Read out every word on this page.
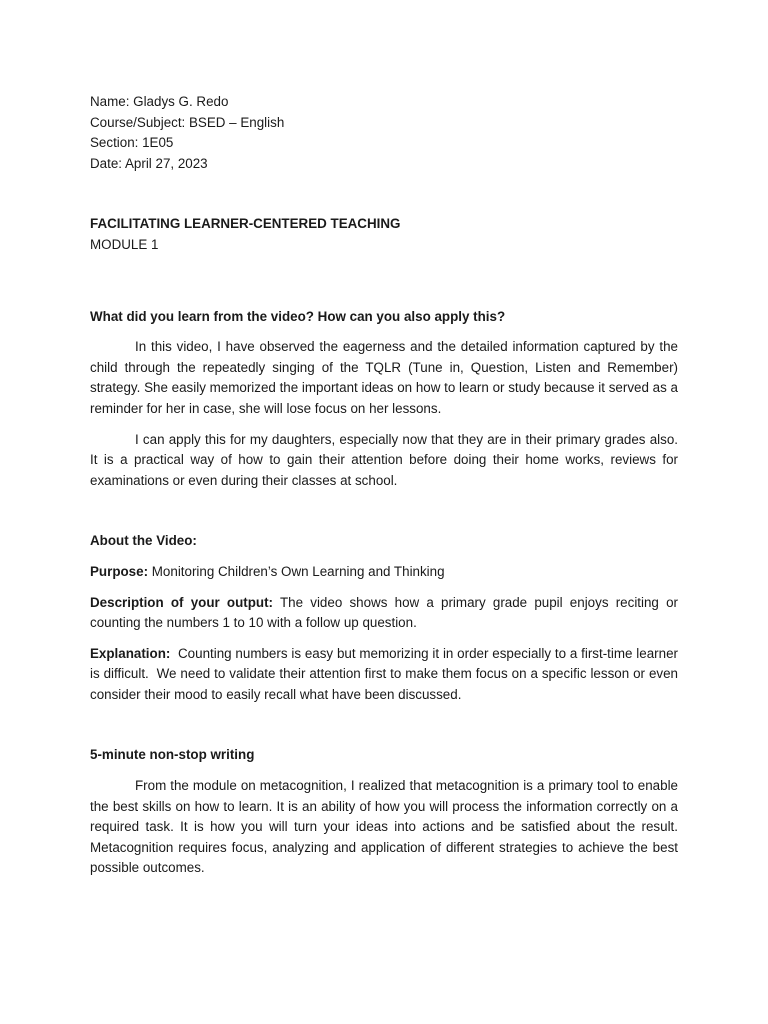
Name: Gladys G. Redo

Course/Subject: BSED – English

Section: 1E05

Date: April 27, 2023

FACILITATING LEARNER-CENTERED TEACHING

MODULE 1

What did you learn from the video? How can you also apply this?

In this video, I have observed the eagerness and the detailed information captured by the child through the repeatedly singing of the TQLR (Tune in, Question, Listen and Remember) strategy. She easily memorized the important ideas on how to learn or study because it served as a reminder for her in case, she will lose focus on her lessons.

I can apply this for my daughters, especially now that they are in their primary grades also. It is a practical way of how to gain their attention before doing their home works, reviews for examinations or even during their classes at school.

About the Video:

Purpose: Monitoring Children’s Own Learning and Thinking

Description of your output: The video shows how a primary grade pupil enjoys reciting or counting the numbers 1 to 10 with a follow up question.

Explanation:  Counting numbers is easy but memorizing it in order especially to a first-time learner is difficult.  We need to validate their attention first to make them focus on a specific lesson or even consider their mood to easily recall what have been discussed.

5-minute non-stop writing

From the module on metacognition, I realized that metacognition is a primary tool to enable the best skills on how to learn. It is an ability of how you will process the information correctly on a required task. It is how you will turn your ideas into actions and be satisfied about the result. Metacognition requires focus, analyzing and application of different strategies to achieve the best possible outcomes.
